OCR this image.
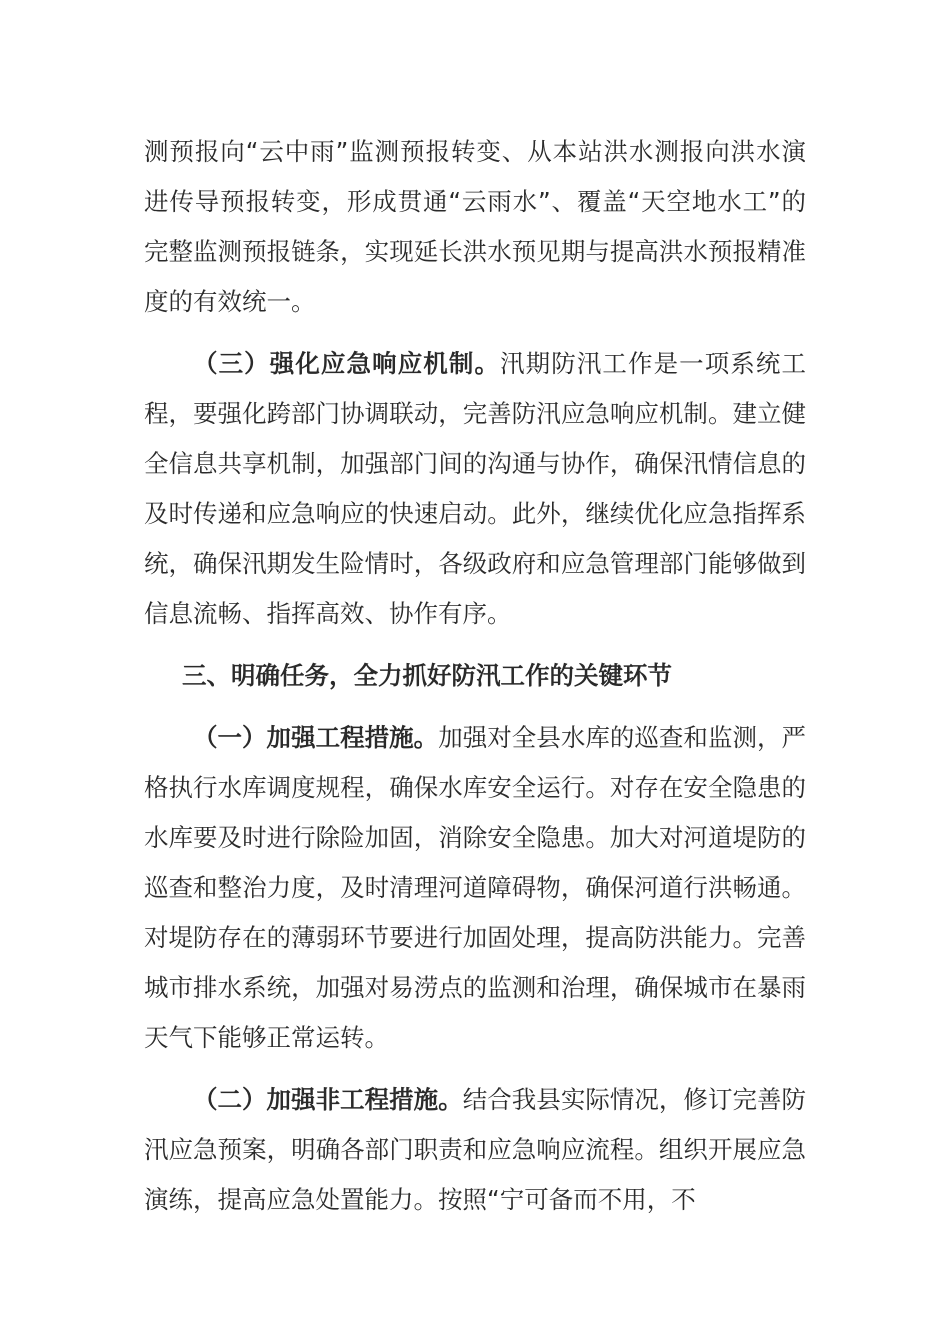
测预报向“云中雨”监测预报转变、从本站洪水测报向洪水演进传导预报转变，形成贯通“云雨水”、覆盖“天空地水工”的完整监测预报链条，实现延长洪水预见期与提高洪水预报精准度的有效统一。

（三）强化应急响应机制。汛期防汛工作是一项系统工程，要强化跨部门协调联动，完善防汛应急响应机制。建立健全信息共享机制，加强部门间的沟通与协作，确保汛情信息的及时传递和应急响应的快速启动。此外，继续优化应急指挥系统，确保汛期发生险情时，各级政府和应急管理部门能够做到信息流畅、指挥高效、协作有序。

三、明确任务，全力抓好防汛工作的关键环节

（一）加强工程措施。加强对全县水库的巡查和监测，严格执行水库调度规程，确保水库安全运行。对存在安全隐患的水库要及时进行除险加固，消除安全隐患。加大对河道堤防的巡查和整治力度，及时清理河道障碍物，确保河道行洪畅通。对堤防存在的薄弱环节要进行加固处理，提高防洪能力。完善城市排水系统，加强对易涝点的监测和治理，确保城市在暴雨天气下能够正常运转。

（二）加强非工程措施。结合我县实际情况，修订完善防汛应急预案，明确各部门职责和应急响应流程。组织开展应急演练，提高应急处置能力。按照“宁可备而不用，不
